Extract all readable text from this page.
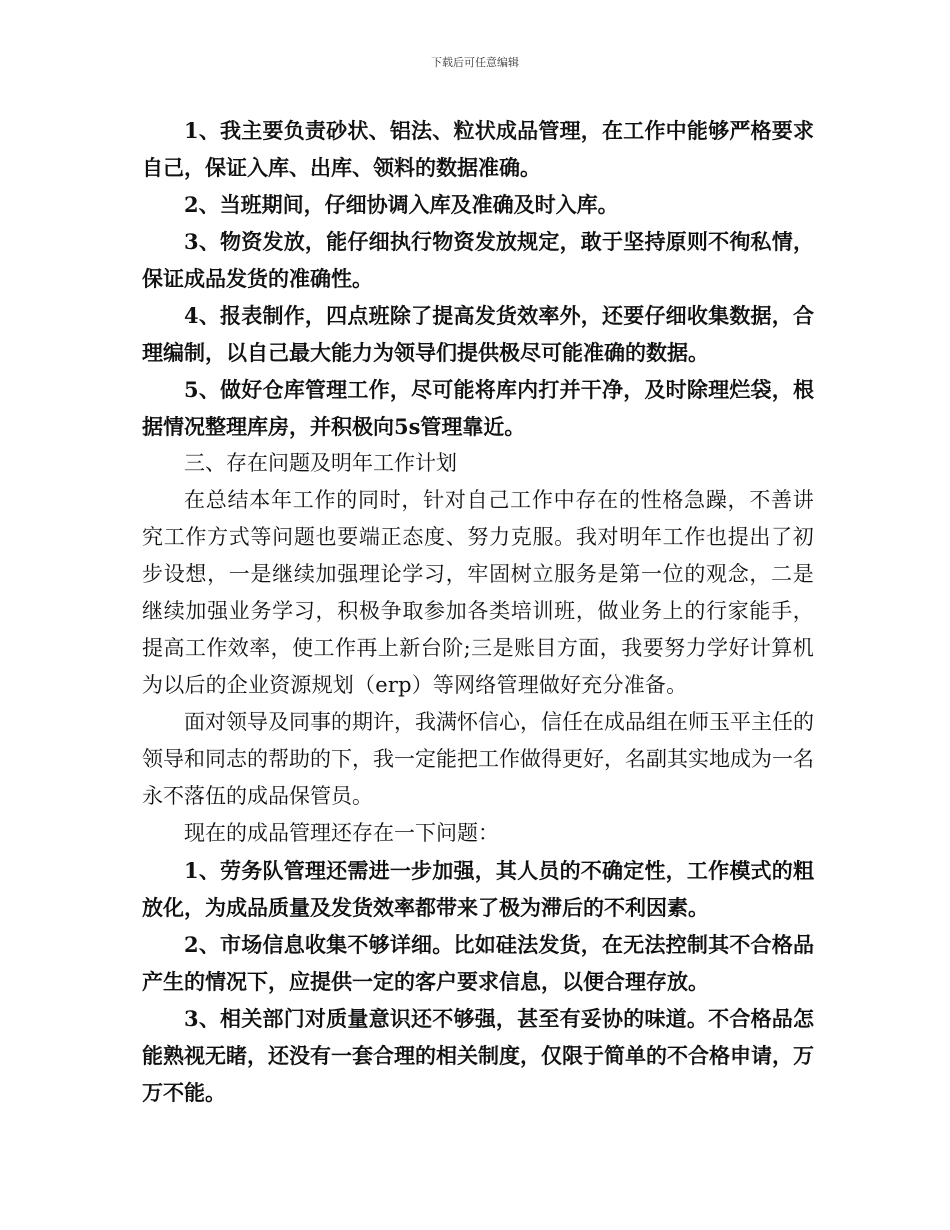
下载后可任意编辑

1、我主要负责砂状、铝法、粒状成品管理，在工作中能够严格要求自己，保证入库、出库、领料的数据准确。

2、当班期间，仔细协调入库及准确及时入库。

3、物资发放，能仔细执行物资发放规定，敢于坚持原则不徇私情，保证成品发货的准确性。

4、报表制作，四点班除了提高发货效率外，还要仔细收集数据，合理编制，以自己最大能力为领导们提供极尽可能准确的数据。

5、做好仓库管理工作，尽可能将库内打并干净，及时除理烂袋，根据情况整理库房，并积极向5s管理靠近。

三、存在问题及明年工作计划

在总结本年工作的同时，针对自己工作中存在的性格急躁，不善讲究工作方式等问题也要端正态度、努力克服。我对明年工作也提出了初步设想，一是继续加强理论学习，牢固树立服务是第一位的观念，二是继续加强业务学习，积极争取参加各类培训班，做业务上的行家能手，提高工作效率，使工作再上新台阶;三是账目方面，我要努力学好计算机为以后的企业资源规划（erp）等网络管理做好充分准备。

面对领导及同事的期许，我满怀信心，信任在成品组在师玉平主任的领导和同志的帮助的下，我一定能把工作做得更好，名副其实地成为一名永不落伍的成品保管员。

现在的成品管理还存在一下问题：

1、劳务队管理还需进一步加强，其人员的不确定性，工作模式的粗放化，为成品质量及发货效率都带来了极为滞后的不利因素。

2、市场信息收集不够详细。比如硅法发货，在无法控制其不合格品产生的情况下，应提供一定的客户要求信息，以便合理存放。

3、相关部门对质量意识还不够强，甚至有妥协的味道。不合格品怎能熟视无睹，还没有一套合理的相关制度，仅限于简单的不合格申请，万万不能。
